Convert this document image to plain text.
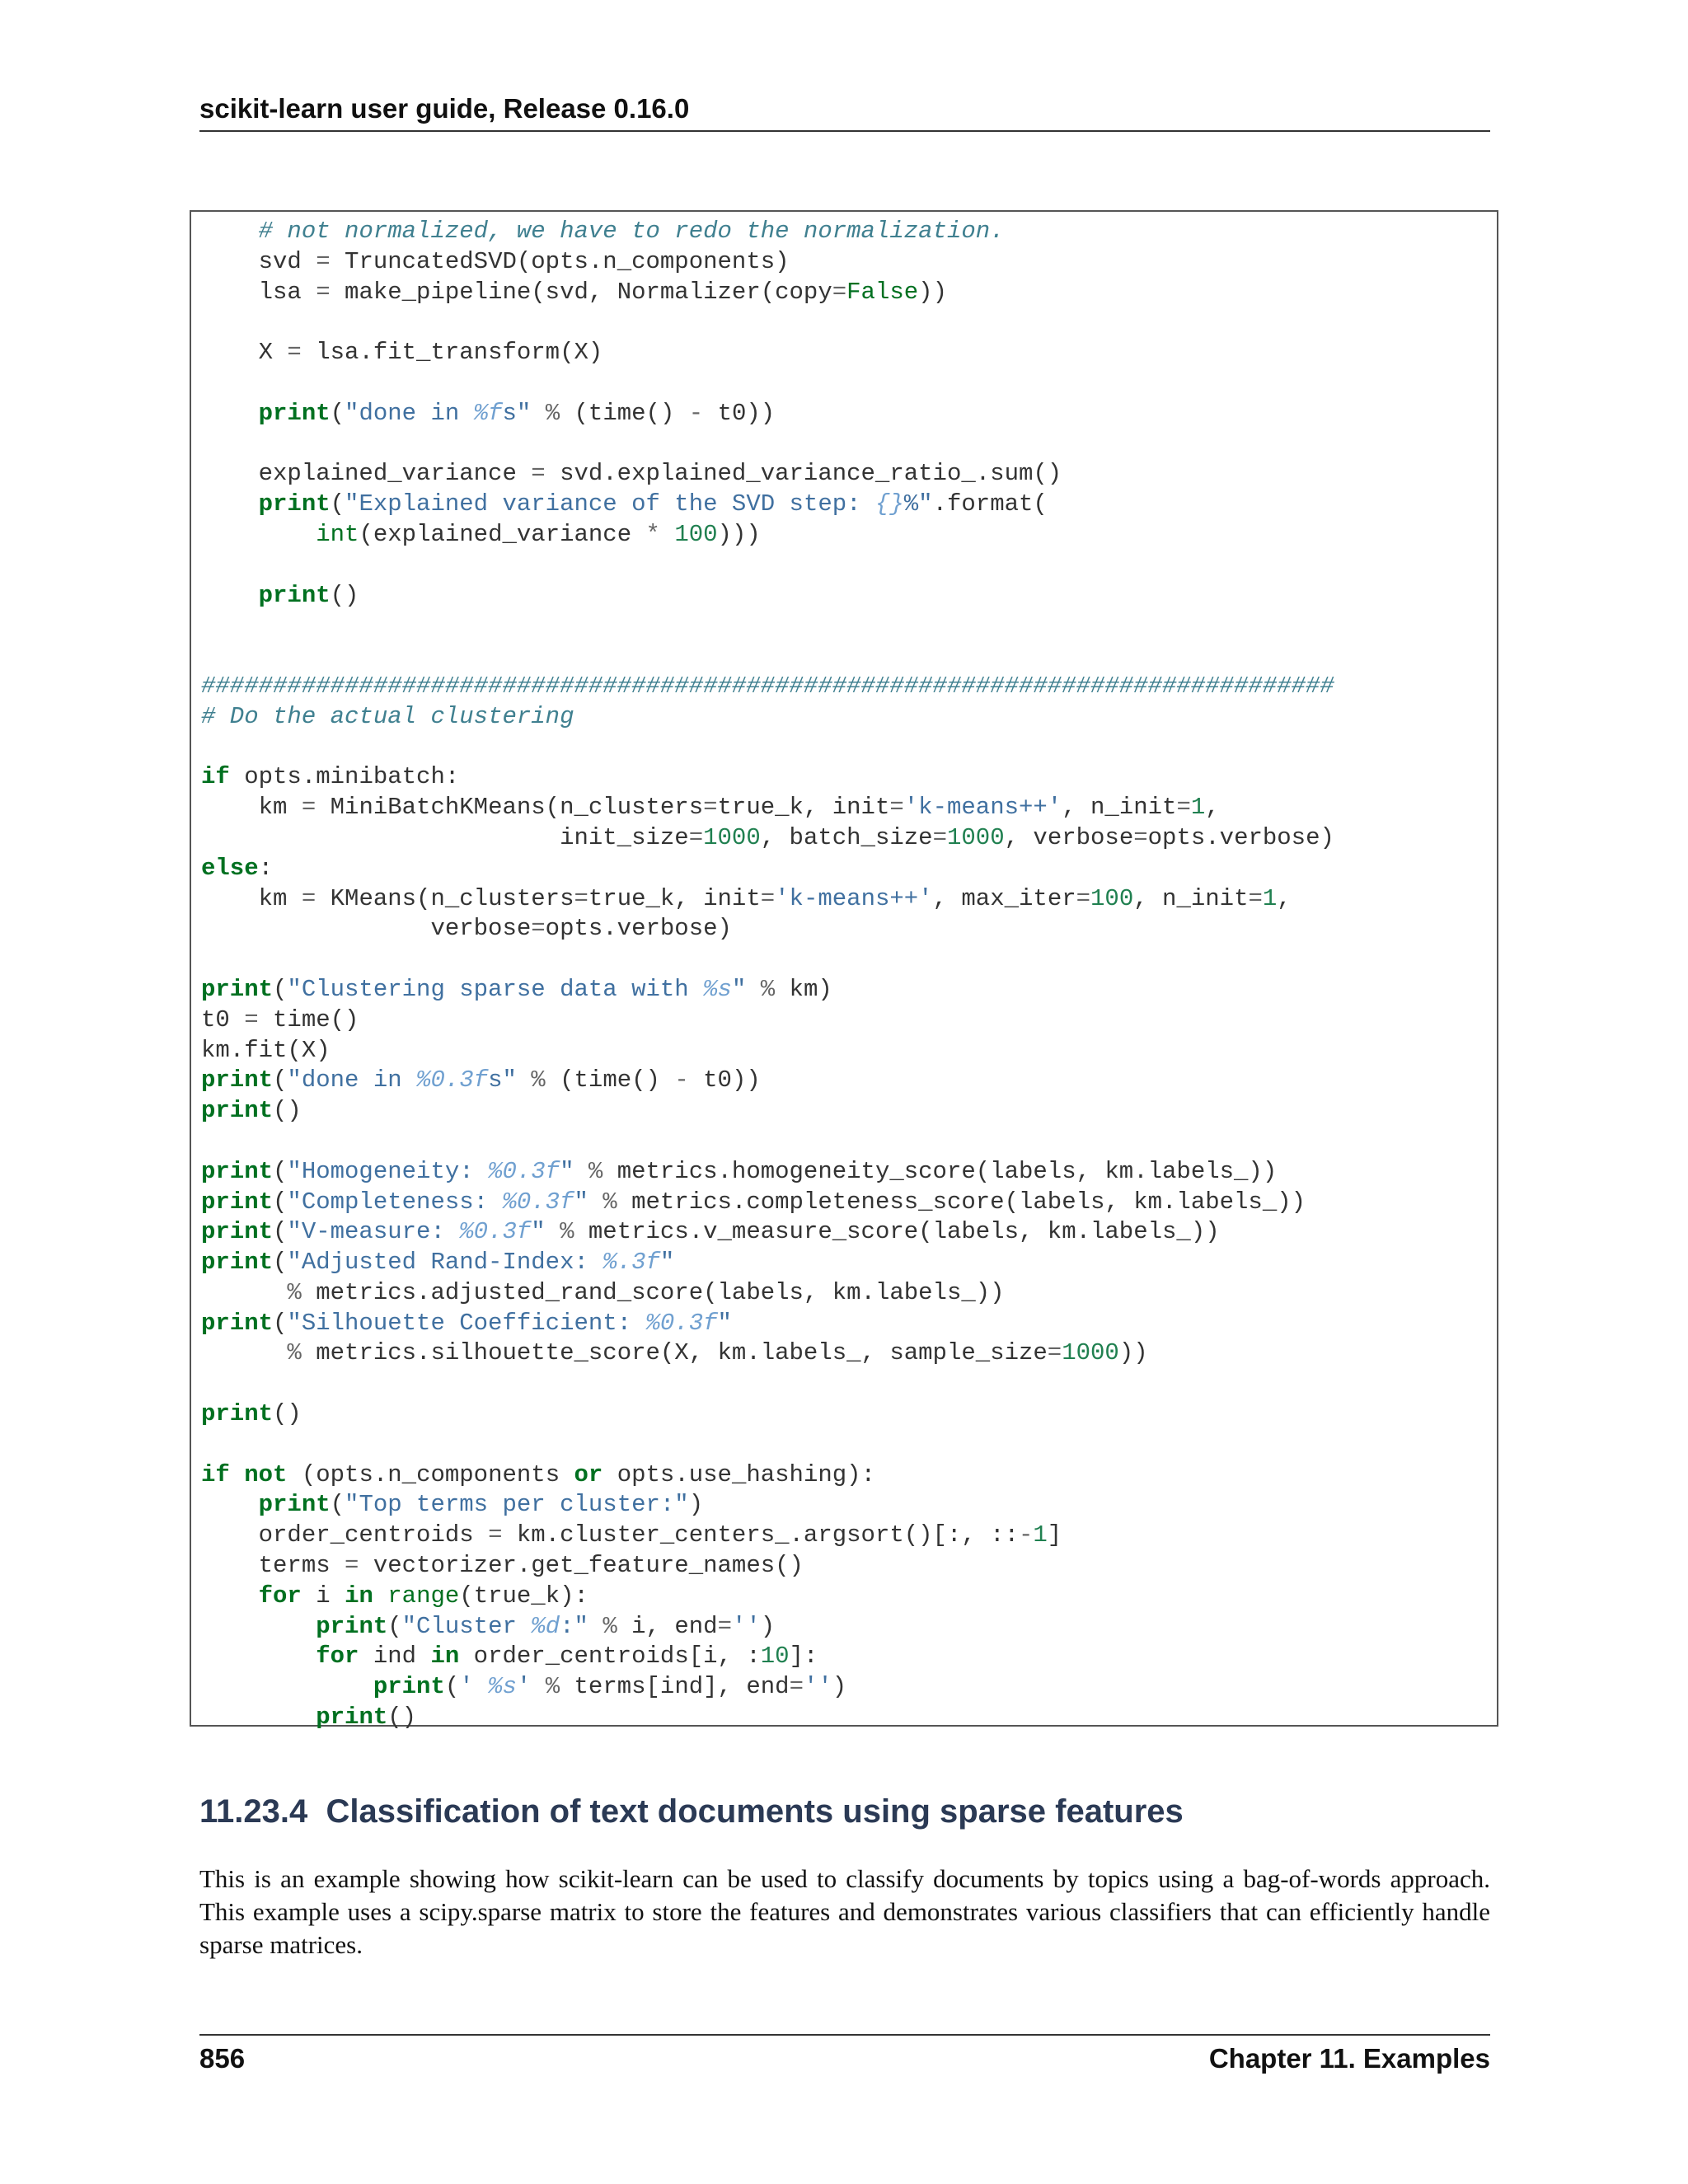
scikit-learn user guide, Release 0.16.0
# not normalized, we have to redo the normalization.
svd = TruncatedSVD(opts.n_components)
lsa = make_pipeline(svd, Normalizer(copy=False))
X = lsa.fit_transform(X)
print("done in %fs" % (time() - t0))
explained_variance = svd.explained_variance_ratio_.sum()
print("Explained variance of the SVD step: {}%".format(
int(explained_variance * 100)))
print()
###############################################################################
# Do the actual clustering
if opts.minibatch:
km = MiniBatchKMeans(n_clusters=true_k, init='k-means++', n_init=1,
init_size=1000, batch_size=1000, verbose=opts.verbose)
else:
km = KMeans(n_clusters=true_k, init='k-means++', max_iter=100, n_init=1,
verbose=opts.verbose)
print("Clustering sparse data with %s" % km)
t0 = time()
km.fit(X)
print("done in %0.3fs" % (time() - t0))
print()
print("Homogeneity: %0.3f" % metrics.homogeneity_score(labels, km.labels_))
print("Completeness: %0.3f" % metrics.completeness_score(labels, km.labels_))
print("V-measure: %0.3f" % metrics.v_measure_score(labels, km.labels_))
print("Adjusted Rand-Index: %.3f"
% metrics.adjusted_rand_score(labels, km.labels_))
print("Silhouette Coefficient: %0.3f"
% metrics.silhouette_score(X, km.labels_, sample_size=1000))
print()
if not (opts.n_components or opts.use_hashing):
print("Top terms per cluster:")
order_centroids = km.cluster_centers_.argsort()[:, ::-1]
terms = vectorizer.get_feature_names()
for i in range(true_k):
print("Cluster %d:" % i, end='')
for ind in order_centroids[i, :10]:
print(' %s' % terms[ind], end='')
print()
11.23.4 Classification of text documents using sparse features

This is an example showing how scikit-learn can be used to classify documents by topics using a bag-of-words approach. This example uses a scipy.sparse matrix to store the features and demonstrates various classifiers that can efficiently handle sparse matrices.

856	Chapter 11. Examples
